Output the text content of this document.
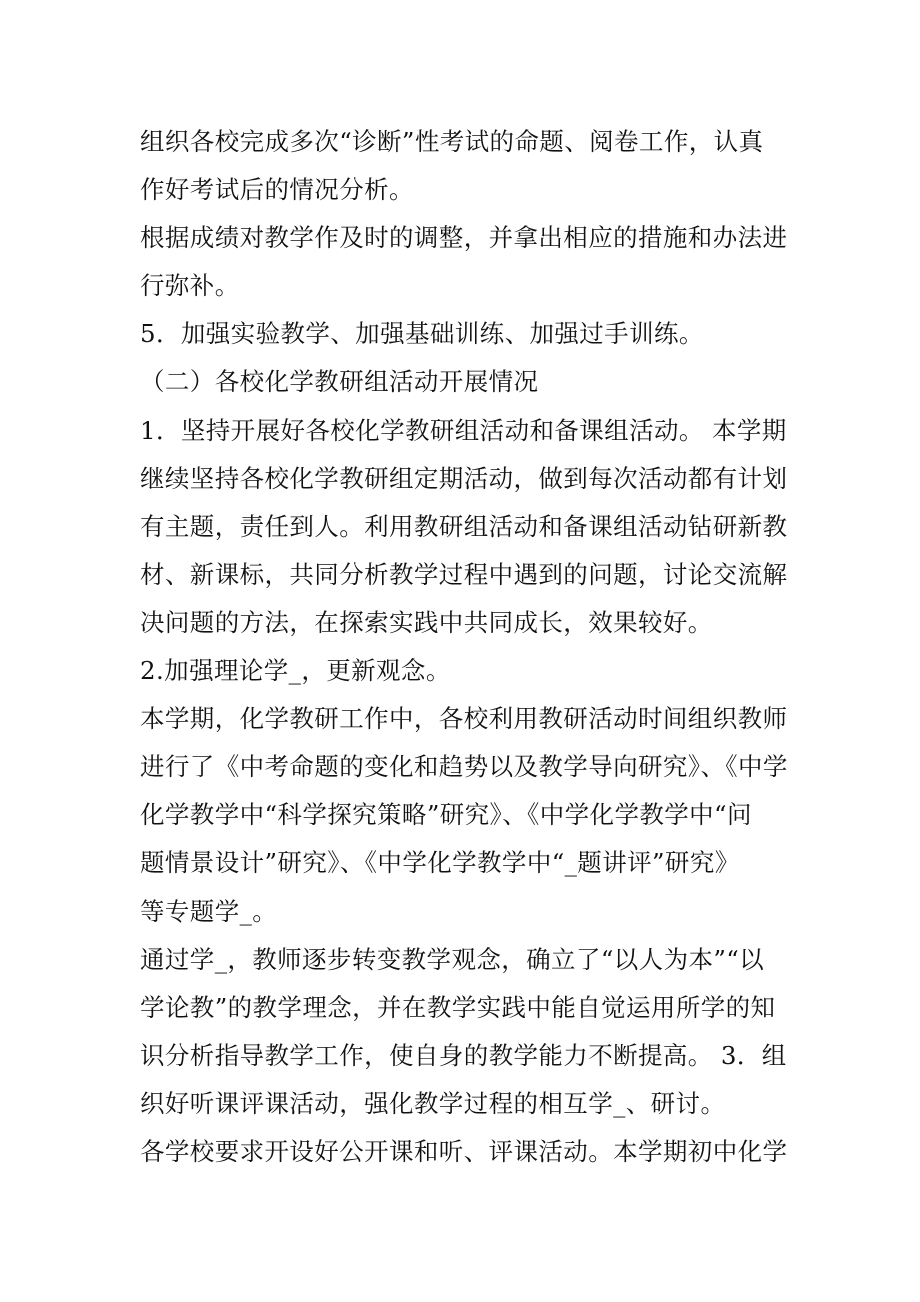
组织各校完成多次“诊断”性考试的命题、阅卷工作，认真
作好考试后的情况分析。
根据成绩对教学作及时的调整，并拿出相应的措施和办法进
行弥补。
5．加强实验教学、加强基础训练、加强过手训练。
（二）各校化学教研组活动开展情况
1．坚持开展好各校化学教研组活动和备课组活动。 本学期
继续坚持各校化学教研组定期活动，做到每次活动都有计划
有主题，责任到人。利用教研组活动和备课组活动钻研新教
材、新课标，共同分析教学过程中遇到的问题，讨论交流解
决问题的方法，在探索实践中共同成长，效果较好。
2.加强理论学_，更新观念。
本学期，化学教研工作中，各校利用教研活动时间组织教师
进行了《中考命题的变化和趋势以及教学导向研究》、《中学
化学教学中“科学探究策略”研究》、《中学化学教学中“问
题情景设计”研究》、《中学化学教学中“_题讲评”研究》
等专题学_。
通过学_，教师逐步转变教学观念，确立了“以人为本”“以
学论教”的教学理念，并在教学实践中能自觉运用所学的知
识分析指导教学工作，使自身的教学能力不断提高。 3．组
织好听课评课活动，强化教学过程的相互学_、研讨。
各学校要求开设好公开课和听、评课活动。本学期初中化学
